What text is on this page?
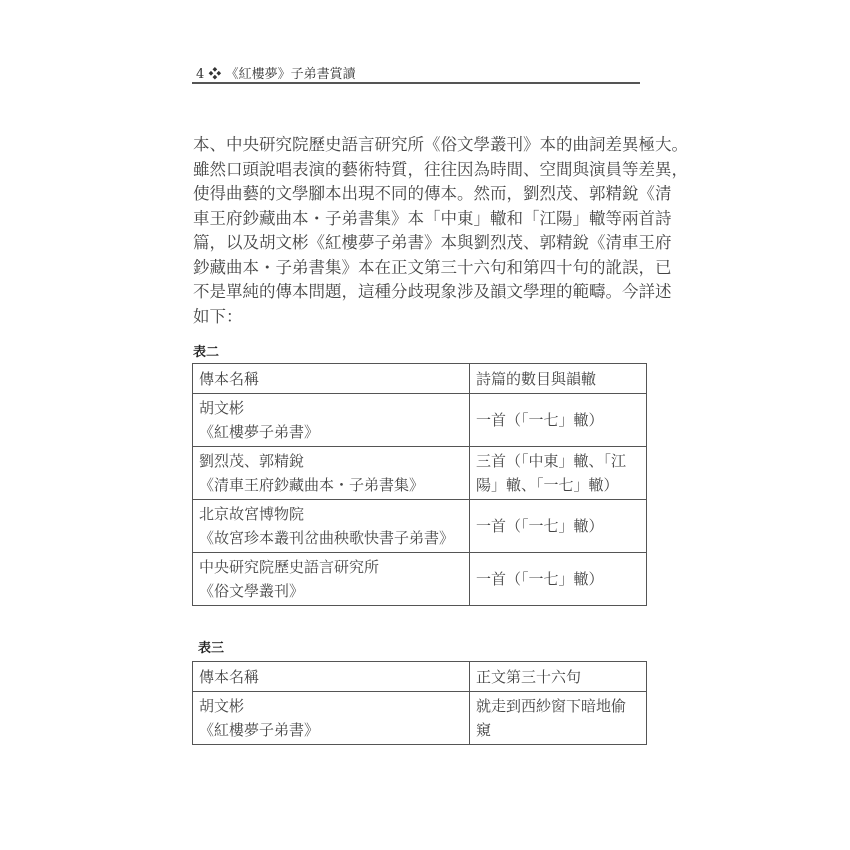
4 ❖ 《紅樓夢》子弟書賞讀
本、中央研究院歷史語言研究所《俗文學叢刊》本的曲詞差異極大。
雖然口頭說唱表演的藝術特質，往往因為時間、空間與演員等差異，
使得曲藝的文學腳本出現不同的傳本。然而，劉烈茂、郭精銳《清
車王府鈔藏曲本・子弟書集》本「中東」轍和「江陽」轍等兩首詩
篇，以及胡文彬《紅樓夢子弟書》本與劉烈茂、郭精銳《清車王府
鈔藏曲本・子弟書集》本在正文第三十六句和第四十句的訛誤，已
不是單純的傳本問題，這種分歧現象涉及韻文學理的範疇。今詳述
如下：
表二
傳本名稱	詩篇的數目與韻轍

胡文彬
《紅樓夢子弟書》	一首（「一七」轍）

劉烈茂、郭精銳
《清車王府鈔藏曲本・子弟書集》	三首（「中東」轍、「江陽」轍、「一七」轍）

北京故宮博物院
《故宮珍本叢刊岔曲秧歌快書子弟書》	一首（「一七」轍）

中央研究院歷史語言研究所
《俗文學叢刊》	一首（「一七」轍）
表三
傳本名稱	正文第三十六句

胡文彬
《紅樓夢子弟書》	就走到西紗窗下暗地偷窺
